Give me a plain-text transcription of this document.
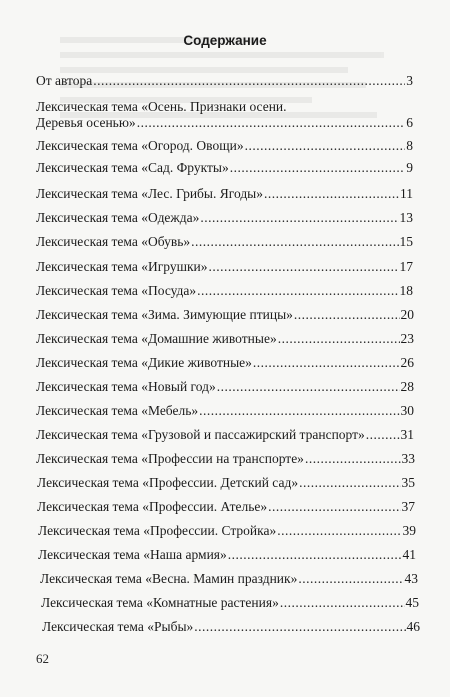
Содержание
От автора .....	3
Лексическая тема «Осень. Признаки осени.
Деревья осенью» .....	6
Лексическая тема «Огород. Овощи» .....	8
Лексическая тема «Сад. Фрукты» .....	9
Лексическая тема «Лес. Грибы. Ягоды» .....	11
Лексическая тема «Одежда» .....	13
Лексическая тема «Обувь» .....	15
Лексическая тема «Игрушки» .....	17
Лексическая тема «Посуда» .....	18
Лексическая тема «Зима. Зимующие птицы» .....	20
Лексическая тема «Домашние животные» .....	23
Лексическая тема «Дикие животные» .....	26
Лексическая тема «Новый год» .....	28
Лексическая тема «Мебель» .....	30
Лексическая тема «Грузовой и пассажирский транспорт» .....	31
Лексическая тема «Профессии на транспорте» .....	33
Лексическая тема «Профессии. Детский сад» .....	35
Лексическая тема «Профессии. Ателье» .....	37
Лексическая тема «Профессии. Стройка» .....	39
Лексическая тема «Наша армия» .....	41
Лексическая тема «Весна. Мамин праздник» .....	43
Лексическая тема «Комнатные растения» .....	45
Лексическая тема «Рыбы» .....	46
62
